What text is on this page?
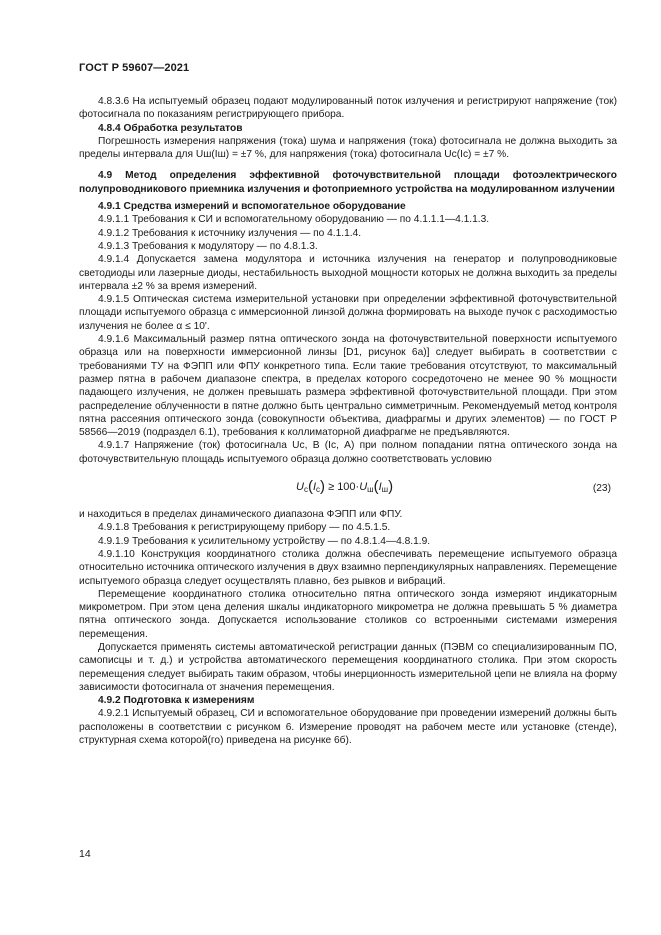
ГОСТ Р 59607—2021

4.8.3.6 На испытуемый образец подают модулированный поток излучения и регистрируют напряжение (ток) фотосигнала по показаниям регистрирующего прибора.

4.8.4 Обработка результатов

Погрешность измерения напряжения (тока) шума и напряжения (тока) фотосигнала не должна выходить за пределы интервала для Uш(Iш) = ±7 %, для напряжения (тока) фотосигнала Uc(Ic) = ±7 %.

4.9 Метод определения эффективной фоточувствительной площади фотоэлектрического полупроводникового приемника излучения и фотоприемного устройства на модулированном излучении

4.9.1 Средства измерений и вспомогательное оборудование

4.9.1.1 Требования к СИ и вспомогательному оборудованию — по 4.1.1.1—4.1.1.3.

4.9.1.2 Требования к источнику излучения — по 4.1.1.4.

4.9.1.3 Требования к модулятору — по 4.8.1.3.

4.9.1.4 Допускается замена модулятора и источника излучения на генератор и полупроводниковые светодиоды или лазерные диоды, нестабильность выходной мощности которых не должна выходить за пределы интервала ±2 % за время измерений.

4.9.1.5 Оптическая система измерительной установки при определении эффективной фоточувствительной площади испытуемого образца с иммерсионной линзой должна формировать на выходе пучок с расходимостью излучения не более α ≤ 10'.

4.9.1.6 Максимальный размер пятна оптического зонда на фоточувствительной поверхности испытуемого образца или на поверхности иммерсионной линзы [D1, рисунок 6а)] следует выбирать в соответствии с требованиями ТУ на ФЭПП или ФПУ конкретного типа. Если такие требования отсутствуют, то максимальный размер пятна в рабочем диапазоне спектра, в пределах которого сосредоточено не менее 90 % мощности падающего излучения, не должен превышать размера эффективной фоточувствительной площади. При этом распределение облученности в пятне должно быть центрально симметричным. Рекомендуемый метод контроля пятна рассеяния оптического зонда (совокупности объектива, диафрагмы и других элементов) — по ГОСТ Р 58566—2019 (подраздел 6.1), требования к коллиматорной диафрагме не предъявляются.

4.9.1.7 Напряжение (ток) фотосигнала Uc, В (Ic, А) при полном попадании пятна оптического зонда на фоточувствительную площадь испытуемого образца должно соответствовать условию

Uc(Ic) ≥ 100·Uш(Iш)	(23)

и находиться в пределах динамического диапазона ФЭПП или ФПУ.

4.9.1.8 Требования к регистрирующему прибору — по 4.5.1.5.

4.9.1.9 Требования к усилительному устройству — по 4.8.1.4—4.8.1.9.

4.9.1.10 Конструкция координатного столика должна обеспечивать перемещение испытуемого образца относительно источника оптического излучения в двух взаимно перпендикулярных направлениях. Перемещение испытуемого образца следует осуществлять плавно, без рывков и вибраций.

Перемещение координатного столика относительно пятна оптического зонда измеряют индикаторным микрометром. При этом цена деления шкалы индикаторного микрометра не должна превышать 5 % диаметра пятна оптического зонда. Допускается использование столиков со встроенными системами измерения перемещения.

Допускается применять системы автоматической регистрации данных (ПЭВМ со специализированным ПО, самописцы и т. д.) и устройства автоматического перемещения координатного столика. При этом скорость перемещения следует выбирать таким образом, чтобы инерционность измерительной цепи не влияла на форму зависимости фотосигнала от значения перемещения.

4.9.2 Подготовка к измерениям

4.9.2.1 Испытуемый образец, СИ и вспомогательное оборудование при проведении измерений должны быть расположены в соответствии с рисунком 6. Измерение проводят на рабочем месте или установке (стенде), структурная схема которой(го) приведена на рисунке 6б).

14
